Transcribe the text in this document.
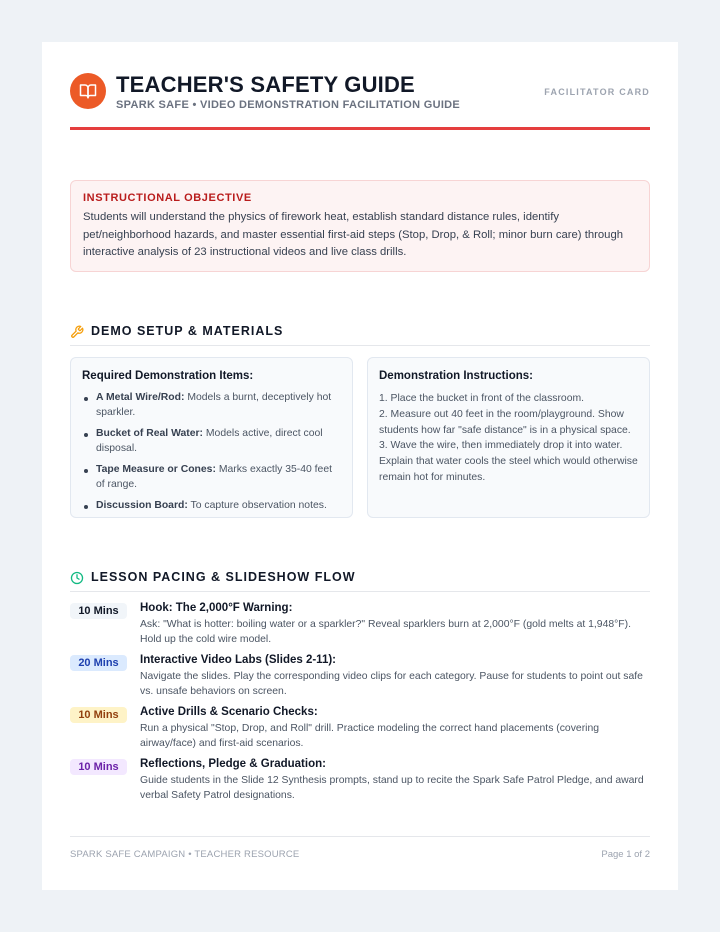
TEACHER'S SAFETY GUIDE
SPARK SAFE • VIDEO DEMONSTRATION FACILITATION GUIDE
FACILITATOR CARD
INSTRUCTIONAL OBJECTIVE
Students will understand the physics of firework heat, establish standard distance rules, identify pet/neighborhood hazards, and master essential first-aid steps (Stop, Drop, & Roll; minor burn care) through interactive analysis of 23 instructional videos and live class drills.
DEMO SETUP & MATERIALS
Required Demonstration Items:
A Metal Wire/Rod: Models a burnt, deceptively hot sparkler.
Bucket of Real Water: Models active, direct cool disposal.
Tape Measure or Cones: Marks exactly 35-40 feet of range.
Discussion Board: To capture observation notes.
Demonstration Instructions:
1. Place the bucket in front of the classroom.
2. Measure out 40 feet in the room/playground. Show students how far "safe distance" is in a physical space.
3. Wave the wire, then immediately drop it into water. Explain that water cools the steel which would otherwise remain hot for minutes.
LESSON PACING & SLIDESHOW FLOW
10 Mins	Hook: The 2,000°F Warning:
Ask: "What is hotter: boiling water or a sparkler?" Reveal sparklers burn at 2,000°F (gold melts at 1,948°F). Hold up the cold wire model.
20 Mins	Interactive Video Labs (Slides 2-11):
Navigate the slides. Play the corresponding video clips for each category. Pause for students to point out safe vs. unsafe behaviors on screen.
10 Mins	Active Drills & Scenario Checks:
Run a physical "Stop, Drop, and Roll" drill. Practice modeling the correct hand placements (covering airway/face) and first-aid scenarios.
10 Mins	Reflections, Pledge & Graduation:
Guide students in the Slide 12 Synthesis prompts, stand up to recite the Spark Safe Patrol Pledge, and award verbal Safety Patrol designations.
SPARK SAFE CAMPAIGN • TEACHER RESOURCE	Page 1 of 2
